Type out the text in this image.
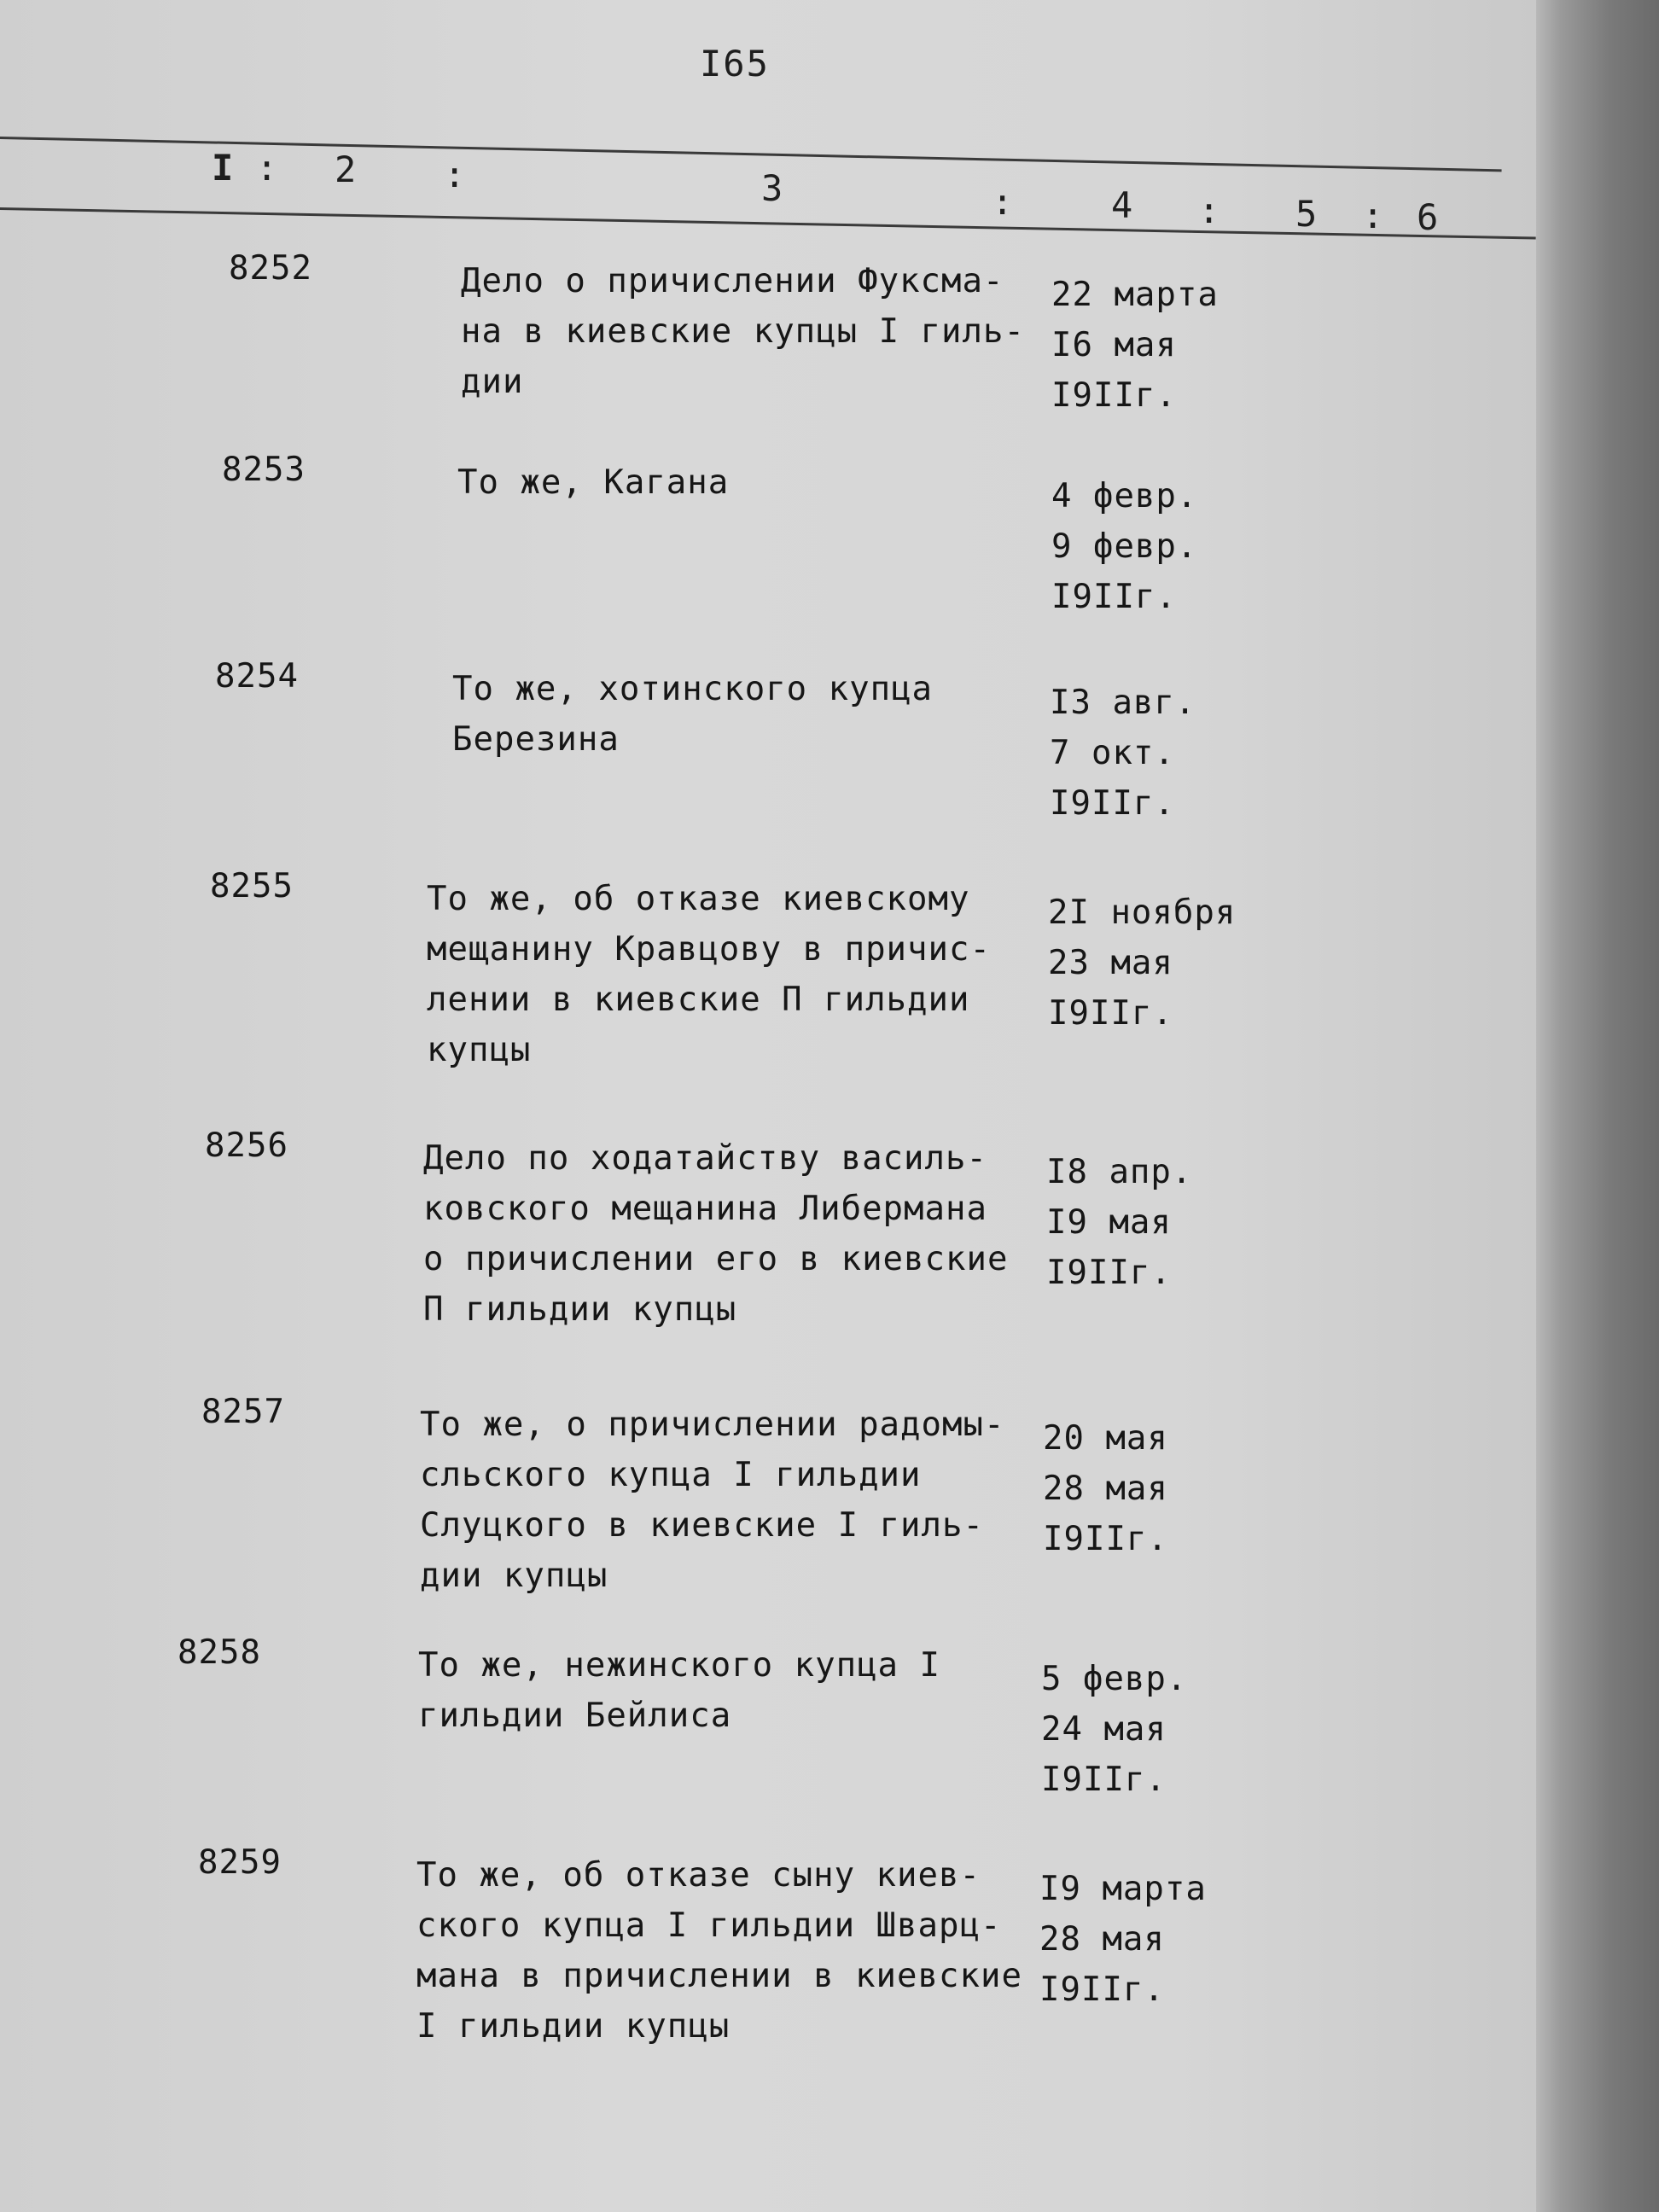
I65
I : 2 :	3	:	4 : 5 : 6
8252	Дело о причислении Фуксма-
на в киевские купцы I гиль-
дии
22 марта
I6 мая
I9IIг.
8253	То же, Кагана	4 февр.
9 февр.
I9IIг.
8254	То же, хотинского купца
Березина
I3 авг.
7 окт.
I9IIг.
8255	То же, об отказе киевскому
мещанину Кравцову в причис-
лении в киевские П гильдии
купцы
2I ноября
23 мая
I9IIг.
8256	Дело по ходатайству василь-
ковского мещанина Либермана
о причислении его в киевские
П гильдии купцы
I8 апр.
I9 мая
I9IIг.
8257	То же, о причислении радомы-
сльского купца I гильдии
Слуцкого в киевские I гиль-
дии купцы
20 мая
28 мая
I9IIг.
8258	То же, нежинского купца I
гильдии Бейлиса
5 февр.
24 мая
I9IIг.
8259	То же, об отказе сыну киев-
ского купца I гильдии Шварц-
мана в причислении в киевские
I гильдии купцы
I9 марта
28 мая
I9IIг.
